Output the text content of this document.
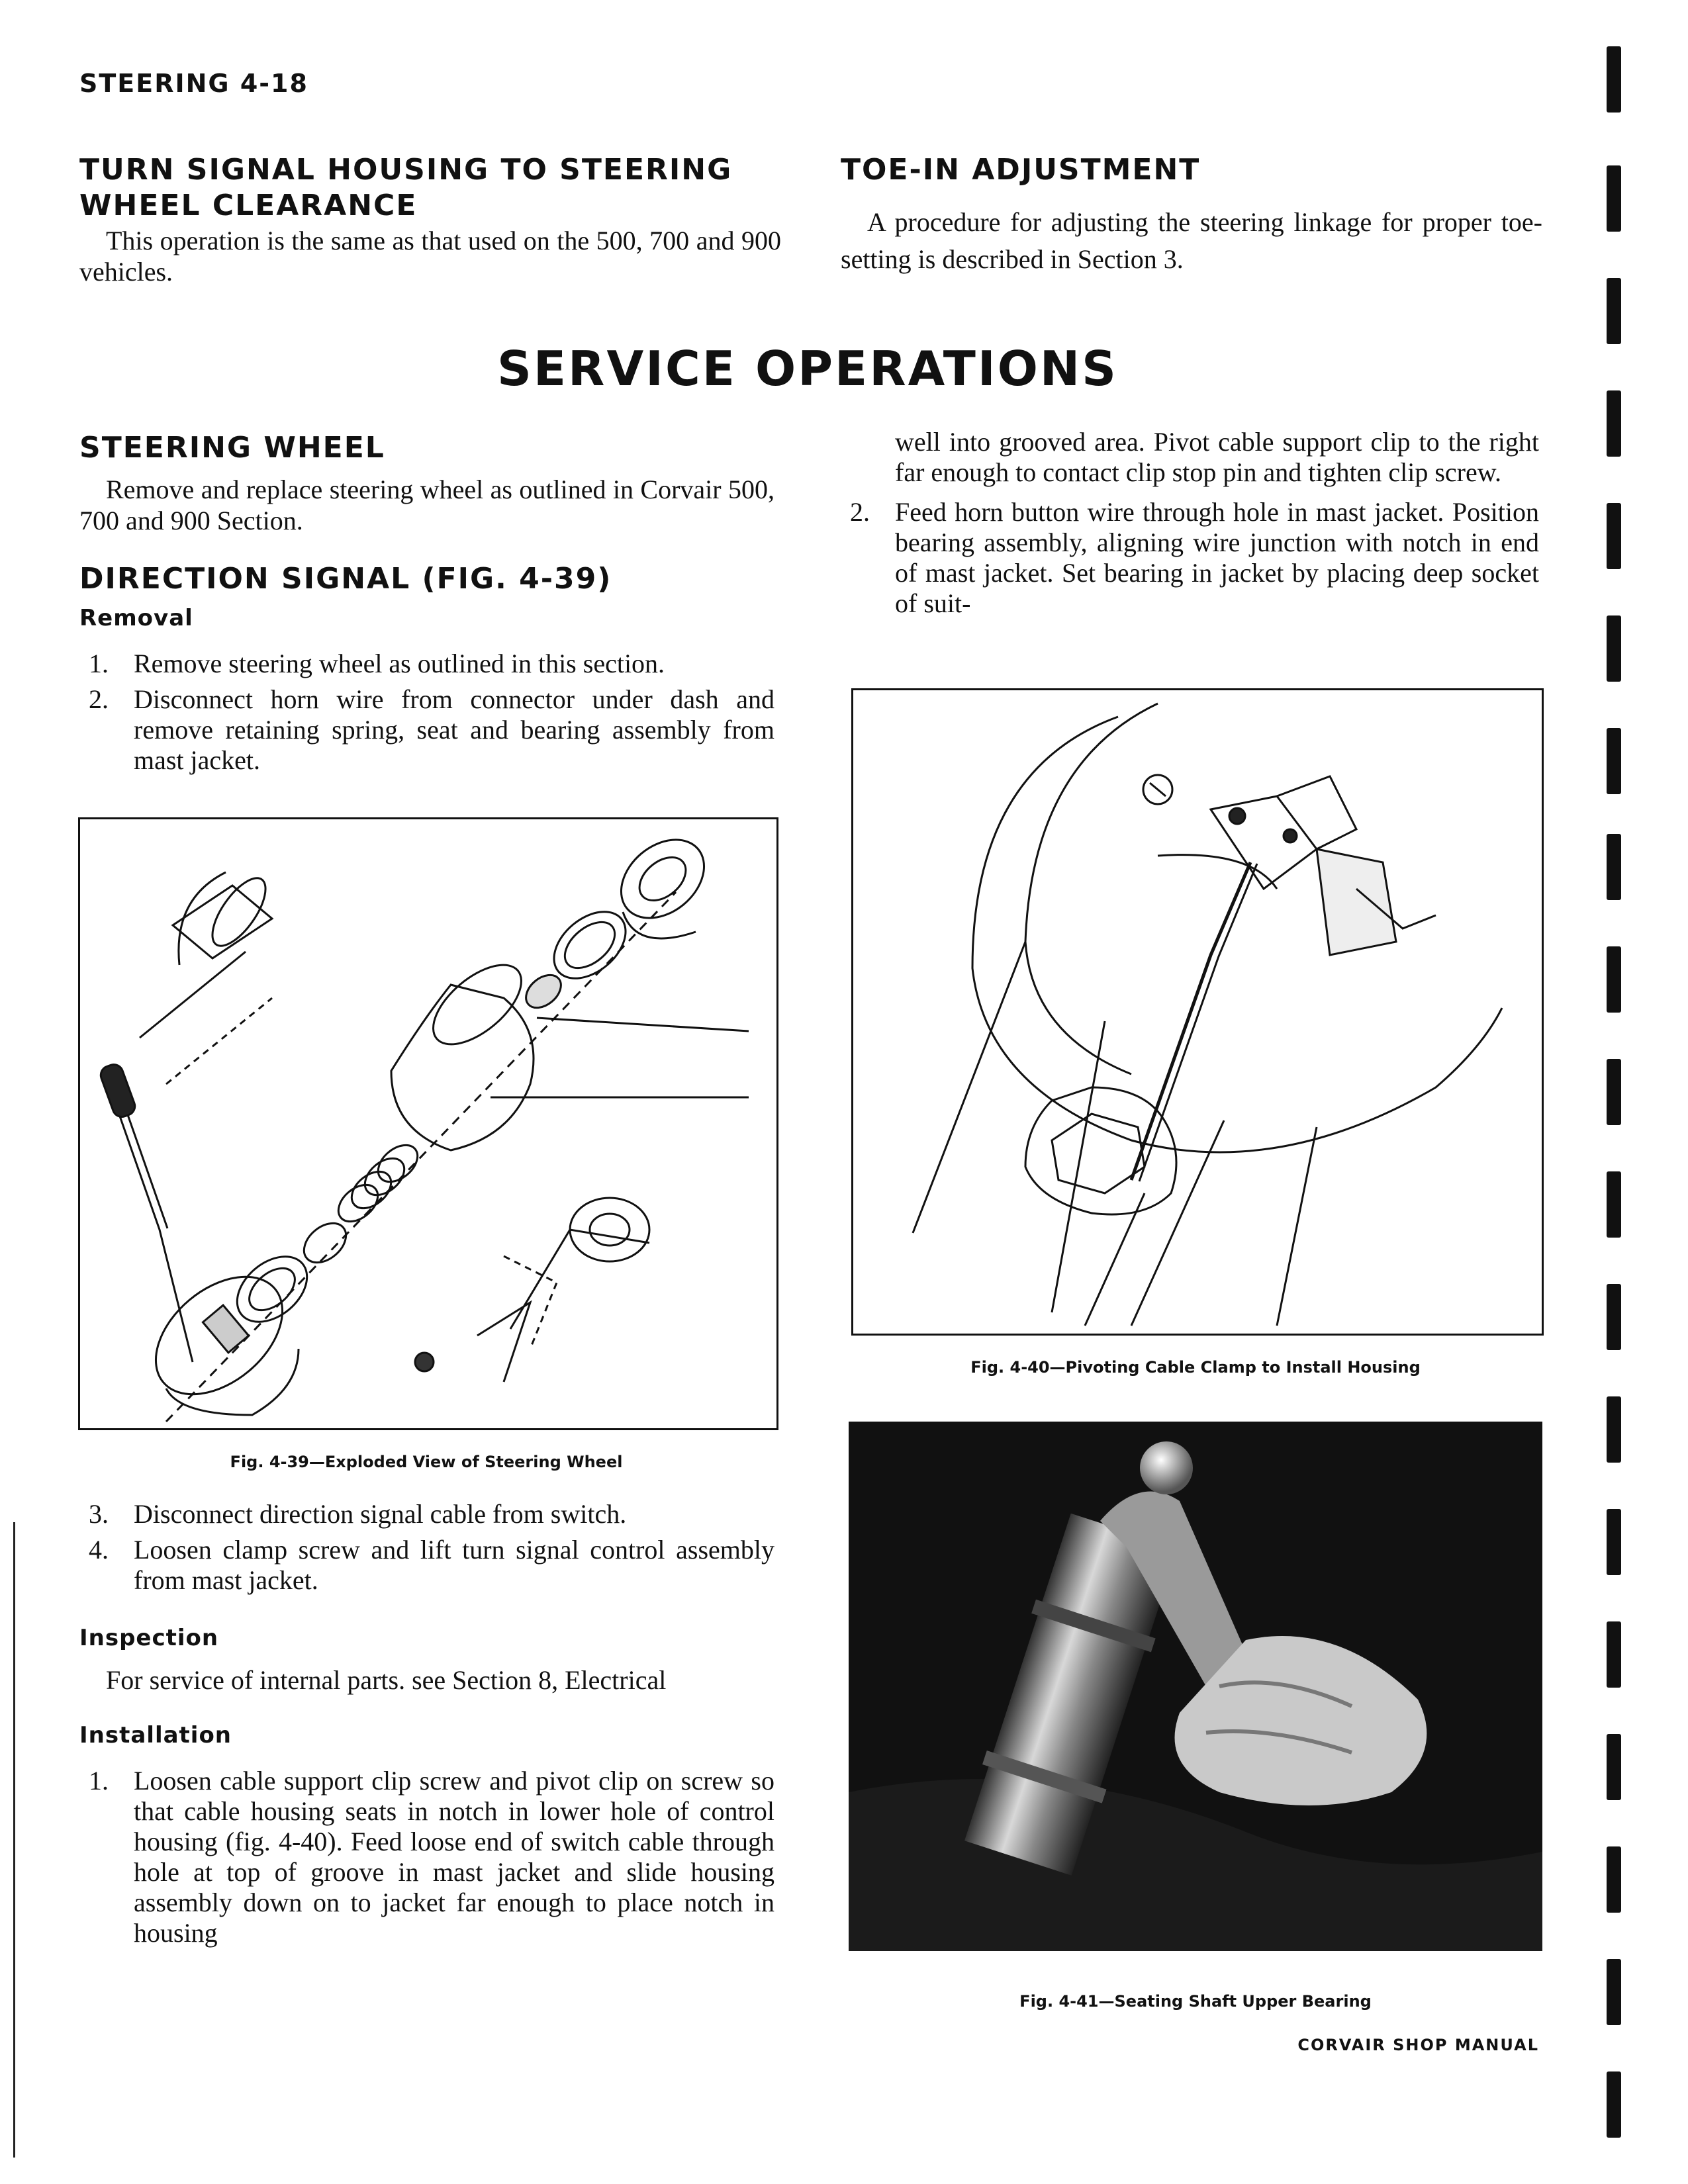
STEERING 4-18
TURN SIGNAL HOUSING TO STEERING
WHEEL CLEARANCE
This operation is the same as that used on the 500, 700 and 900 vehicles.
TOE-IN ADJUSTMENT
A procedure for adjusting the steering linkage for proper toe-setting is described in Section 3.
SERVICE OPERATIONS
STEERING WHEEL
Remove and replace steering wheel as outlined in Corvair 500, 700 and 900 Section.
DIRECTION SIGNAL (FIG. 4-39)
Removal
1. Remove steering wheel as outlined in this section.
2. Disconnect horn wire from connector under dash and remove retaining spring, seat and bearing assembly from mast jacket.
Fig. 4-39—Exploded View of Steering Wheel
3. Disconnect direction signal cable from switch.
4. Loosen clamp screw and lift turn signal control assembly from mast jacket.
Inspection
For service of internal parts. see Section 8, Electrical
Installation
1. Loosen cable support clip screw and pivot clip on screw so that cable housing seats in notch in lower hole of control housing (fig. 4-40). Feed loose end of switch cable through hole at top of groove in mast jacket and slide housing assembly down on to jacket far enough to place notch in housing
well into grooved area. Pivot cable support clip to the right far enough to contact clip stop pin and tighten clip screw.
2. Feed horn button wire through hole in mast jacket. Position bearing assembly, aligning wire junction with notch in end of mast jacket. Set bearing in jacket by placing deep socket of suit-
Fig. 4-40—Pivoting Cable Clamp to Install Housing
Fig. 4-41—Seating Shaft Upper Bearing
CORVAIR SHOP MANUAL
